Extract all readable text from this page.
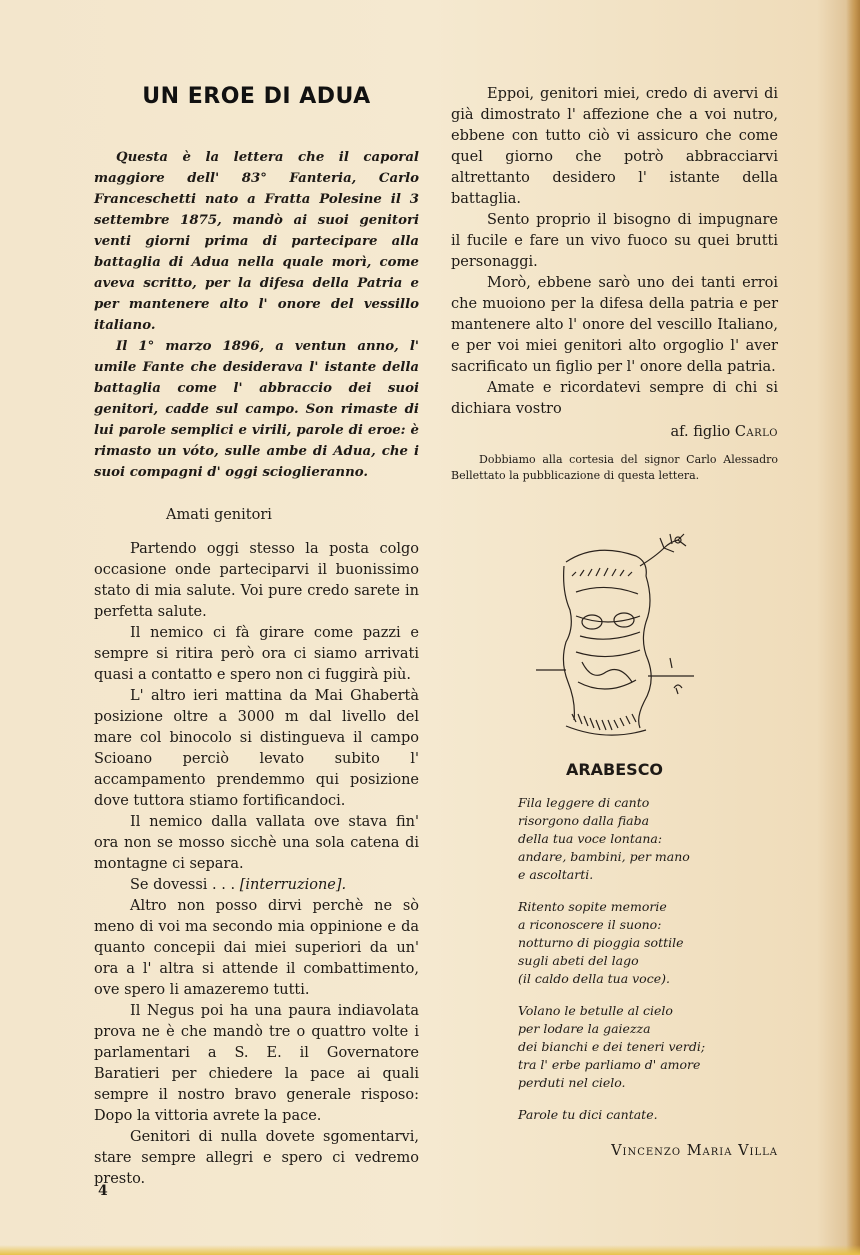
UN EROE DI ADUA

Questa è la lettera che il caporal maggiore dell' 83° Fanteria, Carlo Franceschetti nato a Fratta Polesine il 3 settembre 1875, mandò ai suoi genitori venti giorni prima di partecipare alla battaglia di Adua nella quale morì, come aveva scritto, per la difesa della Patria e per mantenere alto l' onore del vessillo italiano.

Il 1° marzo 1896, a ventun anno, l' umile Fante che desiderava l' istante della battaglia come l' abbraccio dei suoi genitori, cadde sul campo. Son rimaste di lui parole semplici e virili, parole di eroe: è rimasto un vóto, sulle ambe di Adua, che i suoi compagni d' oggi scioglieranno.

Amati genitori

Partendo oggi stesso la posta colgo occasione onde parteciparvi il buonissimo stato di mia salute. Voi pure credo sarete in perfetta salute.

Il nemico ci fà girare come pazzi e sempre si ritira però ora ci siamo arrivati quasi a contatto e spero non ci fuggirà più.

L' altro ieri mattina da Mai Ghabertà posizione oltre a 3000 m dal livello del mare col binocolo si distingueva il campo Scioano perciò levato subito l' accampamento prendemmo qui posizione dove tuttora stiamo fortificandoci.

Il nemico dalla vallata ove stava fin' ora non se mosso sicchè una sola catena di montagne ci separa.

Se dovessi . . . [interruzione].

Altro non posso dirvi perchè ne sò meno di voi ma secondo mia oppinione e da quanto concepii dai miei superiori da un' ora a l' altra si attende il combattimento, ove spero li amazeremo tutti.

Il Negus poi ha una paura indiavolata prova ne è che mandò tre o quattro volte i parlamentari a S. E. il Governatore Baratieri per chiedere la pace ai quali sempre il nostro bravo generale risposo: Dopo la vittoria avrete la pace.

Genitori di nulla dovete sgomentarvi, stare sempre allegri e spero ci vedremo presto.

Eppoi, genitori miei, credo di avervi di già dimostrato l' affezione che a voi nutro, ebbene con tutto ciò vi assicuro che come quel giorno che potrò abbracciarvi altrettanto desidero l' istante della battaglia.

Sento proprio il bisogno di impugnare il fucile e fare un vivo fuoco su quei brutti personaggi.

Morò, ebbene sarò uno dei tanti erroi che muoiono per la difesa della patria e per mantenere alto l' onore del vescillo Italiano, e per voi miei genitori alto orgoglio l' aver sacrificato un figlio per l' onore della patria.

Amate e ricordatevi sempre di chi si dichiara vostro

af. figlio Carlo
Dobbiamo alla cortesia del signor Carlo Alessadro Bellettato la pubblicazione di questa lettera.
ARABESCO
Fila leggere di canto
risorgono dalla fiaba
della tua voce lontana:
andare, bambini, per mano
e ascoltarti.
Ritento sopite memorie
a riconoscere il suono:
notturno di pioggia sottile
sugli abeti del lago
(il caldo della tua voce).
Volano le betulle al cielo
per lodare la gaiezza
dei bianchi e dei teneri verdi;
tra l' erbe parliamo d' amore
perduti nel cielo.
Parole tu dici cantate.
Vincenzo Maria Villa
4
